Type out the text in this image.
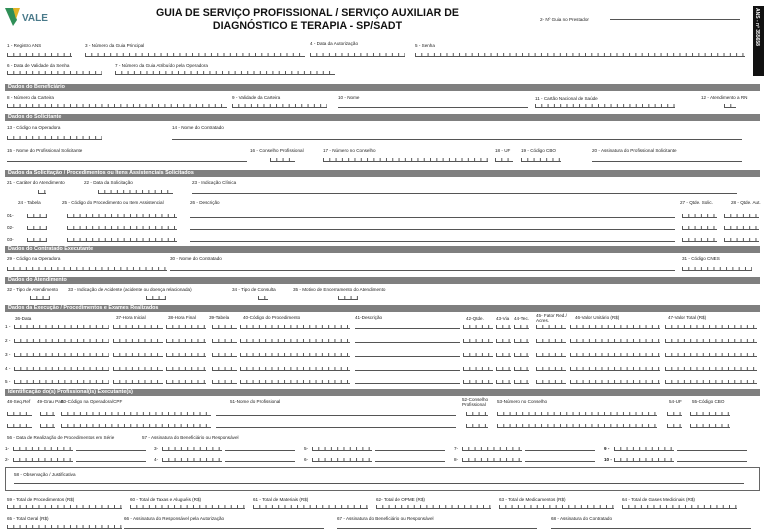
VALE	GUIA DE SERVIÇO PROFISSIONAL / SERVIÇO AUXILIAR DE
DIAGNÓSTICO E TERAPIA - SP/SADT
2- Nº Guia no Prestador	ANS - nº 355658
1 - Registro ANS	3 - Número da Guia Principal	4 - Data da Autorização	5 - Senha
6 - Data de Validade da Senha	7 - Número da Guia Atribuído pela Operadora
Dados do Beneficiário
8 - Número da Carteira	9 - Validade da Carteira	10 - Nome	11 - Cartão Nacional de Saúde	12 - Atendimento a RN
Dados do Solicitante
13 - Código na Operadora	14 - Nome do Contratado
15 - Nome do Profissional Solicitante	16 - Conselho Profissional	17 - Número no Conselho	18 - UF 19 - Código CBO	20 - Assinatura do Profissional Solicitante
Dados da Solicitação / Procedimentos ou Itens Assistenciais Solicitados
21 - Caráter do Atendimento	22 - Data da Solicitação	23 - Indicação Clínica
24 - Tabela	25 - Código do Procedimento ou Item Assistencial	26 - Descrição	27 - Qtde. Solic.	28 - Qtde. Aut.
01-
02-
03-
Dados do Contratado Executante
29 - Código na Operadora	30 - Nome do Contratado	31 - Código CNES
Dados do Atendimento
32 - Tipo de Atendimento 33 - Indicação de Acidente (acidente ou doença relacionada)	34 - Tipo de Consulta	35 - Motivo de Encerramento do Atendimento
Dados da Execução / Procedimentos e Exames Realizados
36-Data	37-Hora Inicial	38-Hora Final	39-Tabela	40-Código do Procedimento	41-Descrição	42-Qtde.	43-Via 44-Tec.
45- Fator Red./ Acres.
46-Valor Unitário (R$)	47-Valor Total (R$)
1 -
2 -
3 -
4 -
5 -
Identificação do(s) Profissional(is) Executante(s)
48-Seq.Ref 49-Grau Part.
50-Código na Operadora/CPF	51-Nome do Profissional	52-Conselho Profissional
53-Número no Conselho	54-UF 55-Código CBO
56 - Data de Realização de Procedimentos em Série	57 - Assinatura do Beneficiário ou Responsável
1-
2-
3-
4-
5-
6-
7-
8-
9 -
10 -
58 - Observação / Justificativa
59 - Total de Procedimentos (R$)	60 - Total de Taxas e Aluguéis (R$)	61 - Total de Materiais (R$)	62- Total de OPME (R$)	63 - Total de Medicamentos (R$)	64 - Total de Gases Medicinais (R$)
65 - Total Geral (R$)	66 - Assinatura do Responsável pela Autorização	67 - Assinatura do Beneficiário ou Responsável	68 - Assinatura do Contratado
